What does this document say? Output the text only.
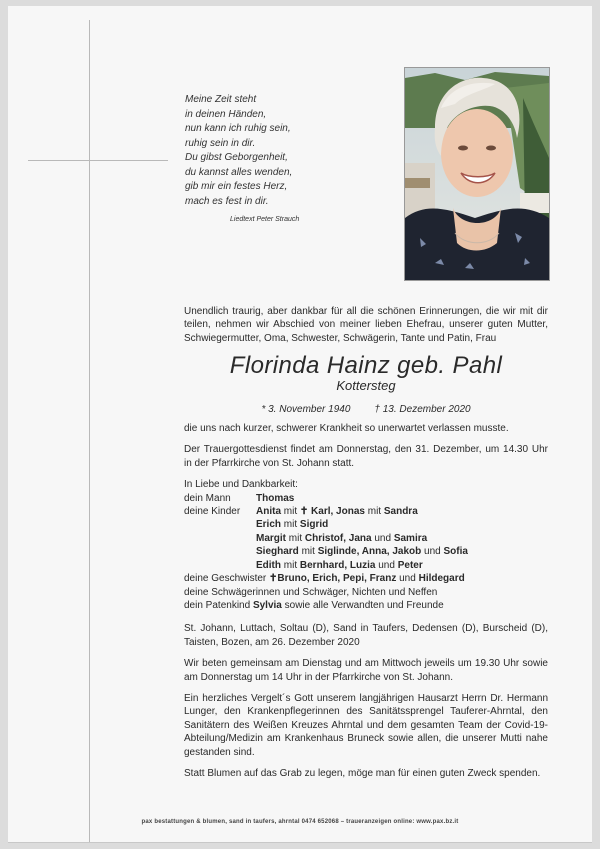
Meine Zeit steht
in deinen Händen,
nun kann ich ruhig sein,
ruhig sein in dir.
Du gibst Geborgenheit,
du kannst alles wenden,
gib mir ein festes Herz,
mach es fest in dir.
Liedtext Peter Strauch

Unendlich traurig, aber dankbar für all die schönen Erinnerungen, die wir mit dir teilen, nehmen wir Abschied von meiner lieben Ehefrau, unserer guten Mutter, Schwiegermutter, Oma, Schwester, Schwägerin, Tante und Patin, Frau

Florinda Hainz geb. Pahl
Kottersteg
* 3. November 1940 † 13. Dezember 2020

die uns nach kurzer, schwerer Krankheit so unerwartet verlassen musste.

Der Trauergottesdienst findet am Donnerstag, den 31. Dezember, um 14.30 Uhr in der Pfarrkirche von St. Johann statt.

In Liebe und Dankbarkeit:
dein Mann	Thomas
deine Kinder	Anita mit ✝ Karl, Jonas mit Sandra
	Erich mit Sigrid
	Margit mit Christof, Jana und Samira
	Sieghard mit Siglinde, Anna, Jakob und Sofia
	Edith mit Bernhard, Luzia und Peter
deine Geschwister ✝Bruno, Erich, Pepi, Franz und Hildegard
deine Schwägerinnen und Schwäger, Nichten und Neffen
dein Patenkind Sylvia sowie alle Verwandten und Freunde

St. Johann, Luttach, Soltau (D), Sand in Taufers, Dedensen (D), Burscheid (D), Taisten, Bozen, am 26. Dezember 2020

Wir beten gemeinsam am Dienstag und am Mittwoch jeweils um 19.30 Uhr sowie am Donnerstag um 14 Uhr in der Pfarrkirche von St. Johann.

Ein herzliches Vergelt´s Gott unserem langjährigen Hausarzt Herrn Dr. Hermann Lunger, den Krankenpflegerinnen des Sanitätssprengel Tauferer-Ahrntal, den Sanitätern des Weißen Kreuzes Ahrntal und dem gesamten Team der Covid-19-Abteilung/Medizin am Krankenhaus Bruneck sowie allen, die unserer Mutti nahe gestanden sind.

Statt Blumen auf das Grab zu legen, möge man für einen guten Zweck spenden.

pax bestattungen & blumen, sand in taufers, ahrntal 0474 652068 – traueranzeigen online: www.pax.bz.it
